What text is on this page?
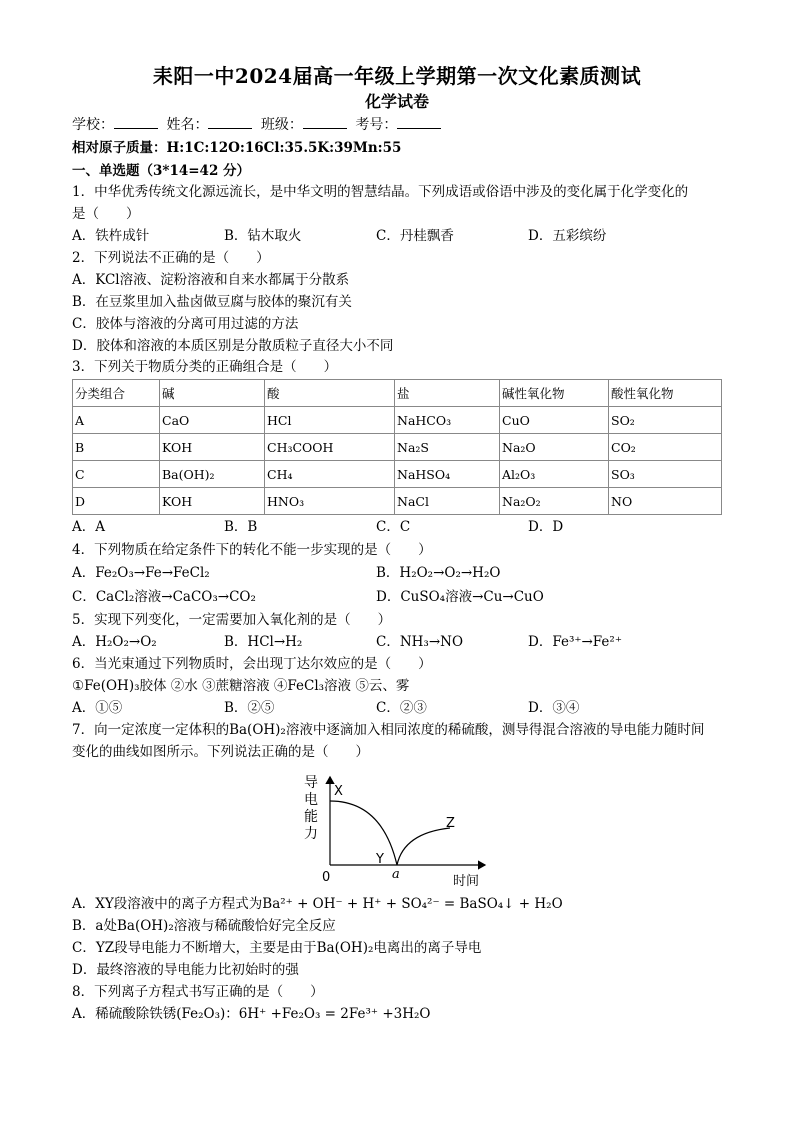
耒阳一中2024届高一年级上学期第一次文化素质测试
化学试卷
学校：	姓名：	班级：	考号：
相对原子质量：H:1C:12O:16Cl:35.5K:39Mn:55
一、单选题（3*14=42 分）
1．中华优秀传统文化源远流长，是中华文明的智慧结晶。下列成语或俗语中涉及的变化属于化学变化的
是（　　）
A．铁杵成针	B．钻木取火	C．丹桂飘香	D．五彩缤纷
2．下列说法不正确的是（　　）
A．KCl溶液、淀粉溶液和自来水都属于分散系
B．在豆浆里加入盐卤做豆腐与胶体的聚沉有关
C．胶体与溶液的分离可用过滤的方法
D．胶体和溶液的本质区别是分散质粒子直径大小不同
3．下列关于物质分类的正确组合是（　　）
分类组合	碱	酸	盐	碱性氧化物	酸性氧化物
A	CaO	HCl	NaHCO₃	CuO	SO₂
B	KOH	CH₃COOH	Na₂S	Na₂O	CO₂
C	Ba(OH)₂	CH₄	NaHSO₄	Al₂O₃	SO₃
D	KOH	HNO₃	NaCl	Na₂O₂	NO
A．A	B．B	C．C	D．D
4．下列物质在给定条件下的转化不能一步实现的是（　　）
A．Fe₂O₃→Fe→FeCl₂	B．H₂O₂→O₂→H₂O
C．CaCl₂溶液→CaCO₃→CO₂	D．CuSO₄溶液→Cu→CuO
5．实现下列变化，一定需要加入氧化剂的是（　　）
A．H₂O₂→O₂	B．HCl→H₂	C．NH₃→NO	D．Fe³⁺→Fe²⁺
6．当光束通过下列物质时，会出现丁达尔效应的是（　　）
①Fe(OH)₃胶体 ②水 ③蔗糖溶液 ④FeCl₃溶液 ⑤云、雾
A．①⑤	B．②⑤	C．②③	D．③④
7．向一定浓度一定体积的Ba(OH)₂溶液中逐滴加入相同浓度的稀硫酸，测导得混合溶液的导电能力随时间
变化的曲线如图所示。下列说法正确的是（　　）
导
电
能
力
X
Y
Z
0	a	时间
A．XY段溶液中的离子方程式为Ba²⁺ + OH⁻ + H⁺ + SO₄²⁻ = BaSO₄↓ + H₂O
B．a处Ba(OH)₂溶液与稀硫酸恰好完全反应
C．YZ段导电能力不断增大，主要是由于Ba(OH)₂电离出的离子导电
D．最终溶液的导电能力比初始时的强
8．下列离子方程式书写正确的是（　　）
A．稀硫酸除铁锈(Fe₂O₃)：6H⁺ +Fe₂O₃ = 2Fe³⁺ +3H₂O
